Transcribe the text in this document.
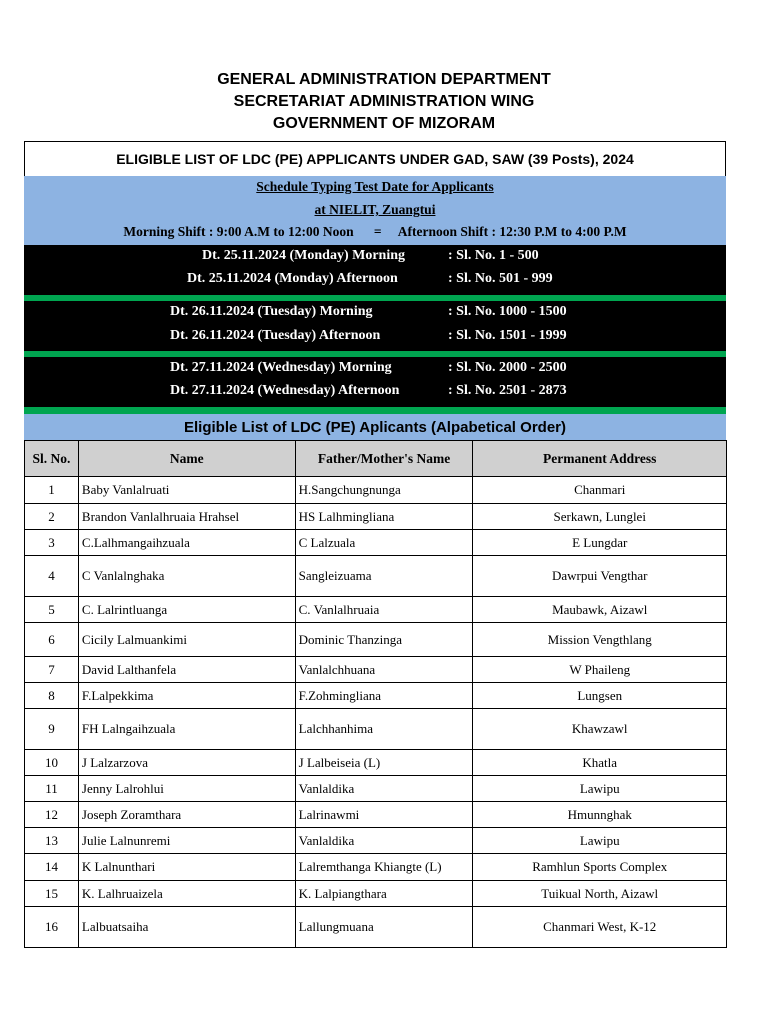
GENERAL ADMINISTRATION DEPARTMENT
SECRETARIAT ADMINISTRATION WING
GOVERNMENT OF MIZORAM
ELIGIBLE LIST OF LDC (PE) APPLICANTS UNDER GAD, SAW (39 Posts), 2024
Schedule Typing Test Date for Applicants
at NIELIT, Zuangtui
Morning Shift : 9:00 A.M to 12:00 Noon      =     Afternoon Shift : 12:30 P.M to 4:00 P.M
Dt. 25.11.2024 (Monday) Morning	: Sl. No. 1 - 500
Dt. 25.11.2024 (Monday) Afternoon	: Sl. No. 501 - 999
Dt. 26.11.2024 (Tuesday) Morning	: Sl. No. 1000 - 1500
Dt. 26.11.2024 (Tuesday) Afternoon	: Sl. No. 1501 - 1999
Dt. 27.11.2024 (Wednesday) Morning	: Sl. No. 2000 - 2500
Dt. 27.11.2024 (Wednesday) Afternoon	: Sl. No. 2501 - 2873
Eligible List of LDC (PE) Aplicants (Alpabetical Order)
Sl. No.	Name	Father/Mother's Name	Permanent Address
1	Baby Vanlalruati	H.Sangchungnunga	Chanmari
2	Brandon Vanlalhruaia Hrahsel	HS Lalhmingliana	Serkawn, Lunglei
3	C.Lalhmangaihzuala	C Lalzuala	E Lungdar
4	C Vanlalnghaka	Sangleizuama	Dawrpui Vengthar
5	C. Lalrintluanga	C. Vanlalhruaia	Maubawk, Aizawl
6	Cicily Lalmuankimi	Dominic Thanzinga	Mission Vengthlang
7	David Lalthanfela	Vanlalchhuana	W Phaileng
8	F.Lalpekkima	F.Zohmingliana	Lungsen
9	FH Lalngaihzuala	Lalchhanhima	Khawzawl
10	J Lalzarzova	J Lalbeiseia (L)	Khatla
11	Jenny Lalrohlui	Vanlaldika	Lawipu
12	Joseph Zoramthara	Lalrinawmi	Hmunnghak
13	Julie Lalnunremi	Vanlaldika	Lawipu
14	K Lalnunthari	Lalremthanga Khiangte (L)	Ramhlun Sports Complex
15	K. Lalhruaizela	K. Lalpiangthara	Tuikual North, Aizawl
16	Lalbuatsaiha	Lallungmuana	Chanmari West, K-12
